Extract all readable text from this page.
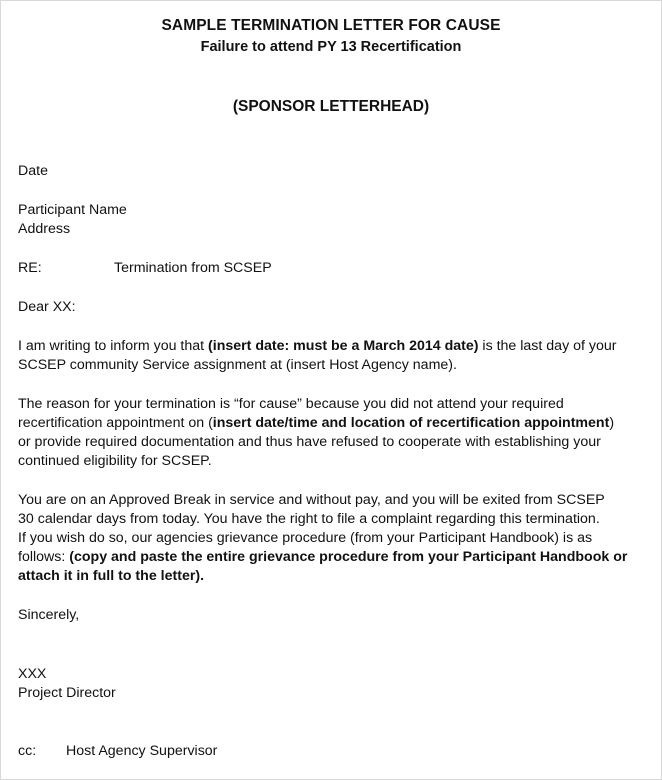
SAMPLE TERMINATION LETTER FOR CAUSE
Failure to attend PY 13 Recertification
(SPONSOR LETTERHEAD)
Date
Participant Name
Address
RE:	Termination from SCSEP
Dear XX:
I am writing to inform you that (insert date: must be a March 2014 date) is the last day of your
SCSEP community Service assignment at (insert Host Agency name).
The reason for your termination is “for cause” because you did not attend your required
recertification appointment on (insert date/time and location of recertification appointment)
or provide required documentation and thus have refused to cooperate with establishing your
continued eligibility for SCSEP.
You are on an Approved Break in service and without pay, and you will be exited from SCSEP
30 calendar days from today. You have the right to file a complaint regarding this termination.
If you wish do so, our agencies grievance procedure (from your Participant Handbook) is as
follows: (copy and paste the entire grievance procedure from your Participant Handbook or
attach it in full to the letter).
Sincerely,
XXX
Project Director
cc: Host Agency Supervisor
